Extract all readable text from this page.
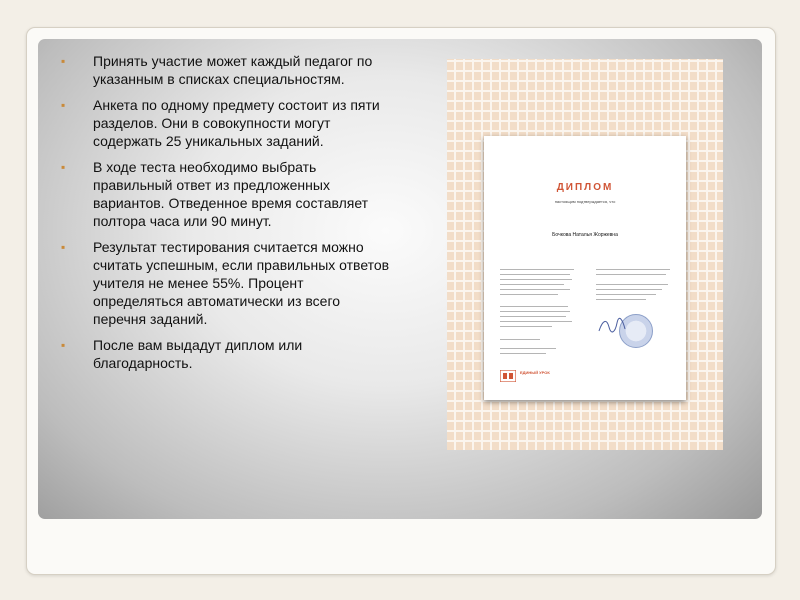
▪ Принять участие может каждый педагог по указанным в списках специальностям.
▪ Анкета по одному предмету состоит из пяти разделов. Они в совокупности могут содержать 25 уникальных заданий.
▪ В ходе теста необходимо выбрать правильный ответ из предложенных вариантов. Отведенное время составляет полтора часа или 90 минут.
▪ Результат тестирования считается можно считать успешным, если правильных ответов учителя не менее 55%. Процент определяться автоматически из всего перечня заданий.
▪ После вам выдадут диплом или благодарность.
ДИПЛОМ
настоящим подтверждается, что
Бочкова Наталья Жоржевна
ЕДИНЫЙ УРОК
